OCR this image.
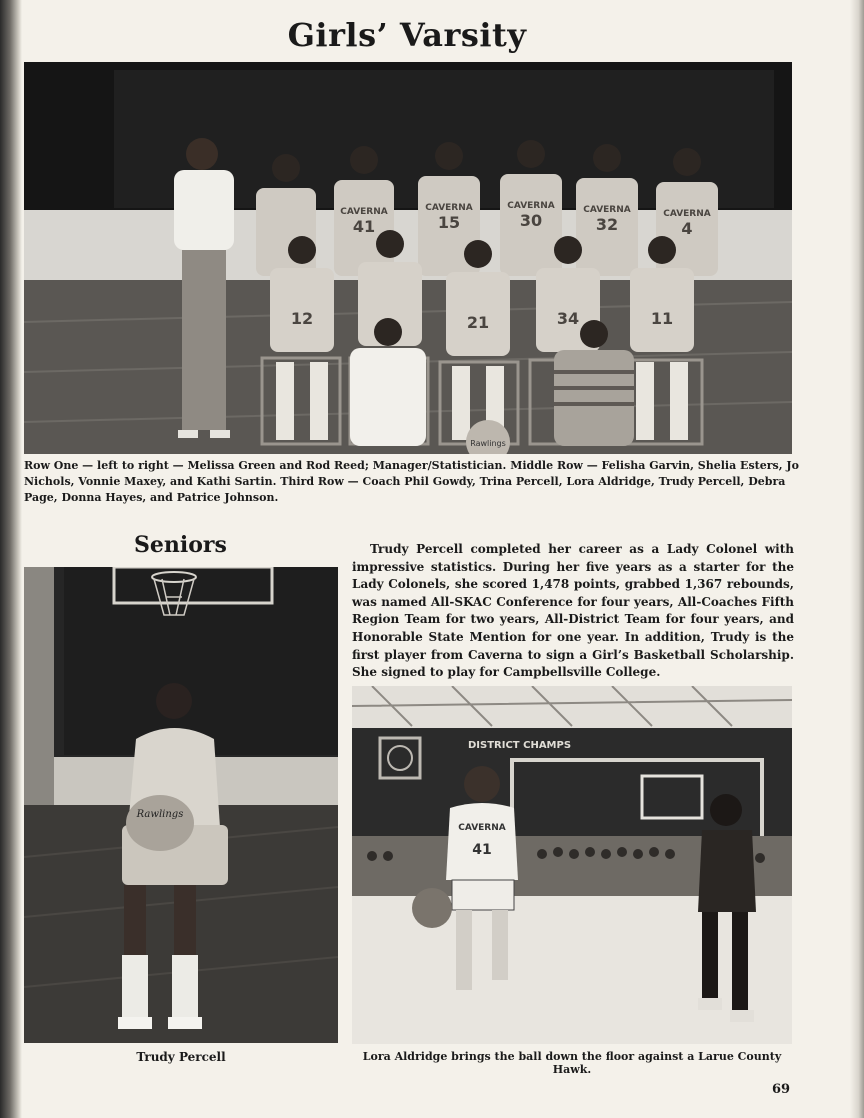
Girls’ Varsity
41	15	30	32	4
CAVERNA	CAVERNA	CAVERNA	CAVERNA	CAVERNA
12	21	34	11
Rawlings
Row One — left to right — Melissa Green and Rod Reed; Manager/Statistician. Middle Row — Felisha Garvin, Shelia Esters, Jo Nichols, Vonnie Maxey, and Kathi Sartin. Third Row — Coach Phil Gowdy, Trina Percell, Lora Aldridge, Trudy Percell, Debra Page, Donna Hayes, and Patrice Johnson.
Seniors
Rawlings
Trudy Percell completed her career as a Lady Colonel with impressive statistics. During her five years as a starter for the Lady Colonels, she scored 1,478 points, grabbed 1,367 rebounds, was named All-SKAC Conference for four years, All-Coaches Fifth Region Team for two years, All-District Team for four years, and Honorable State Mention for one year. In addition, Trudy is the first player from Caverna to sign a Girl’s Basketball Scholarship. She signed to play for Campbellsville College.
DISTRICT CHAMPS
CAVERNA
41
Trudy Percell	Lora Aldridge brings the ball down the floor against a Larue County Hawk.
69
